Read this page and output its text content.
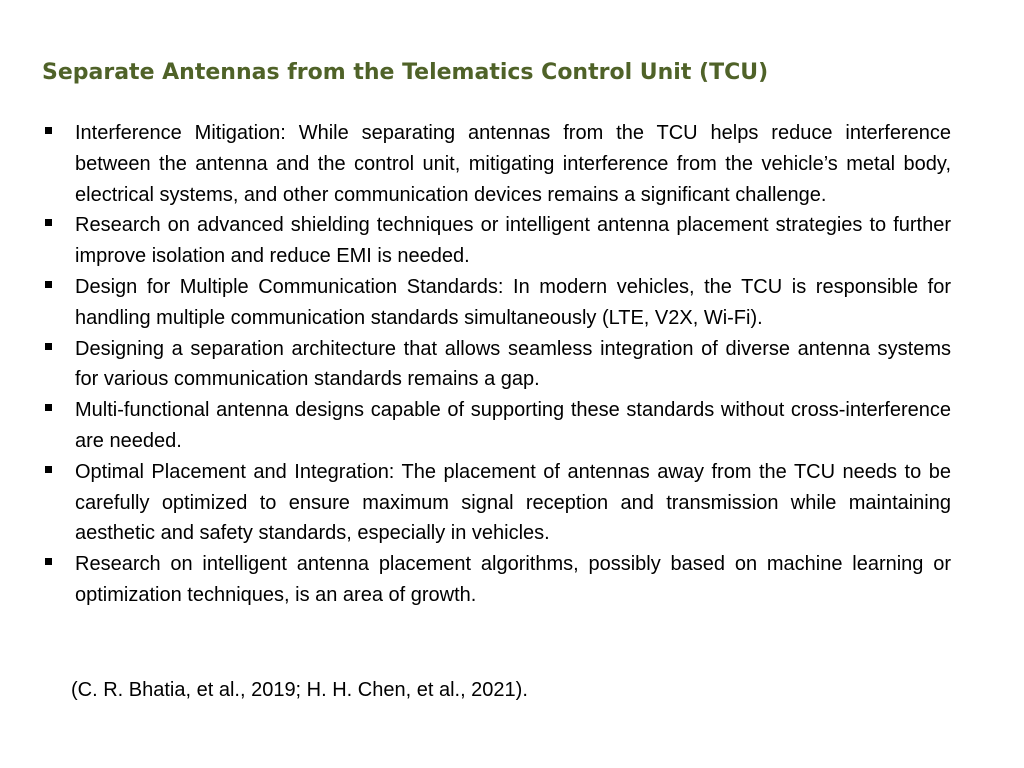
Separate Antennas from the Telematics Control Unit (TCU)
Interference Mitigation: While separating antennas from the TCU helps reduce interference between the antenna and the control unit, mitigating interference from the vehicle’s metal body, electrical systems, and other communication devices remains a significant challenge.
Research on advanced shielding techniques or intelligent antenna placement strategies to further improve isolation and reduce EMI is needed.
Design for Multiple Communication Standards: In modern vehicles, the TCU is responsible for handling multiple communication standards simultaneously (LTE, V2X, Wi-Fi).
Designing a separation architecture that allows seamless integration of diverse antenna systems for various communication standards remains a gap.
Multi-functional antenna designs capable of supporting these standards without cross-interference are needed.
Optimal Placement and Integration: The placement of antennas away from the TCU needs to be carefully optimized to ensure maximum signal reception and transmission while maintaining aesthetic and safety standards, especially in vehicles.
Research on intelligent antenna placement algorithms, possibly based on machine learning or optimization techniques, is an area of growth.

(C. R. Bhatia, et al., 2019; H. H. Chen, et al., 2021).
